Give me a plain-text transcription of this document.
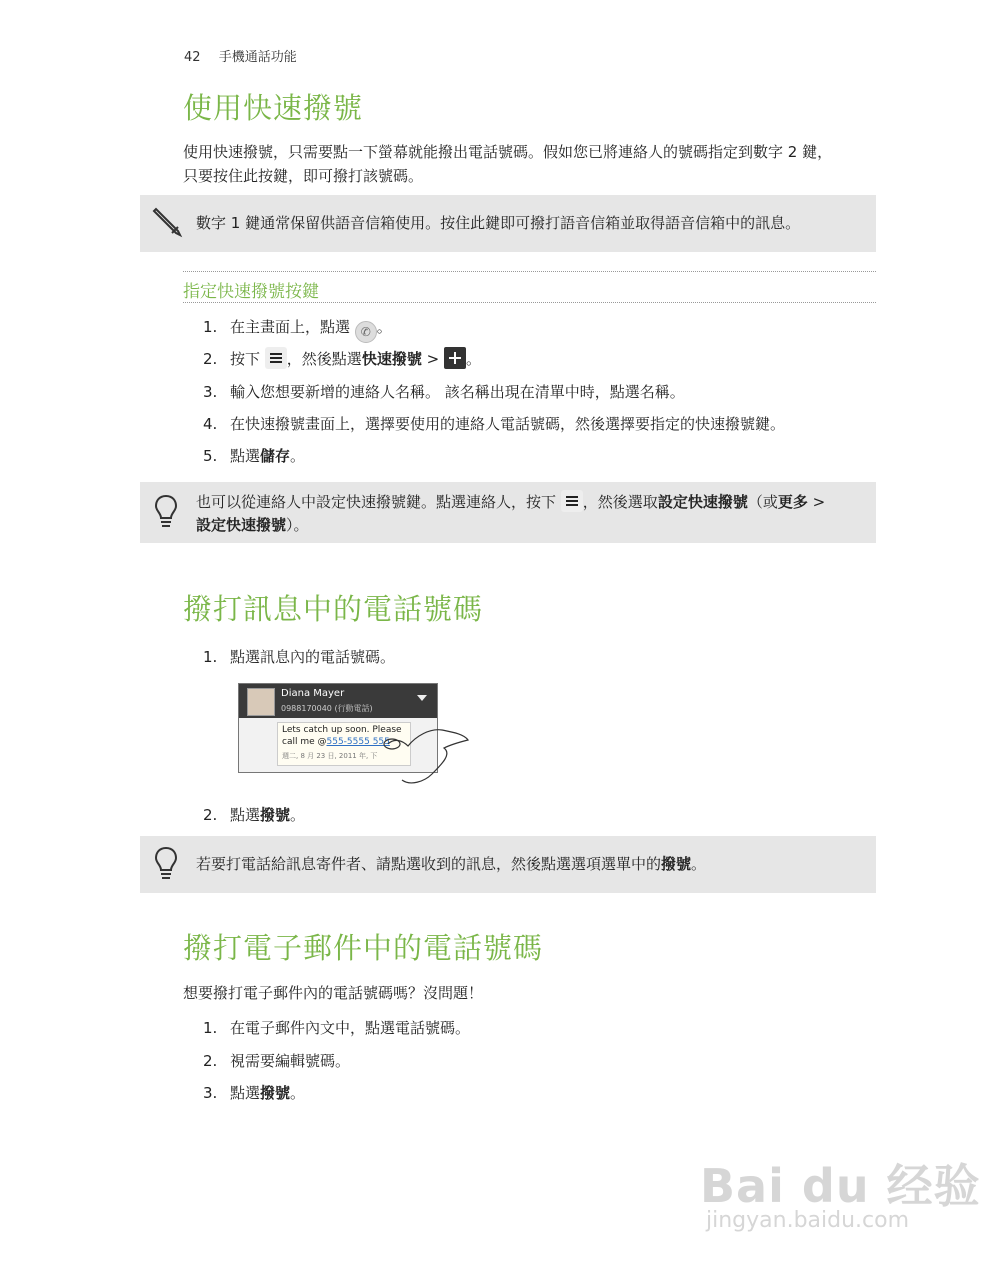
42 手機通話功能
使用快速撥號
使用快速撥號，只需要點一下螢幕就能撥出電話號碼。假如您已將連絡人的號碼指定到數字 2 鍵，
只要按住此按鍵，即可撥打該號碼。
數字 1 鍵通常保留供語音信箱使用。按住此鍵即可撥打語音信箱並取得語音信箱中的訊息。
指定快速撥號按鍵
1. 在主畫面上，點選 ✆ 。
2. 按下 ，然後點選快速撥號 > 。
3. 輸入您想要新增的連絡人名稱。 該名稱出現在清單中時，點選名稱。
4. 在快速撥號畫面上，選擇要使用的連絡人電話號碼，然後選擇要指定的快速撥號鍵。
5. 點選儲存。
也可以從連絡人中設定快速撥號鍵。點選連絡人，按下 ，然後選取設定快速撥號（或更多 >
設定快速撥號）。
撥打訊息中的電話號碼
1. 點選訊息內的電話號碼。
Diana Mayer
0988170040 (行動電話)
Lets catch up soon. Please
call me @555-5555 555
週二, 8 月 23 日, 2011 年, 下
2. 點選撥號。
若要打電話給訊息寄件者、請點選收到的訊息，然後點選選項選單中的撥號。
撥打電子郵件中的電話號碼
想要撥打電子郵件內的電話號碼嗎？沒問題！
1. 在電子郵件內文中，點選電話號碼。
2. 視需要編輯號碼。
3. 點選撥號。
Bai du 经验
jingyan.baidu.com
